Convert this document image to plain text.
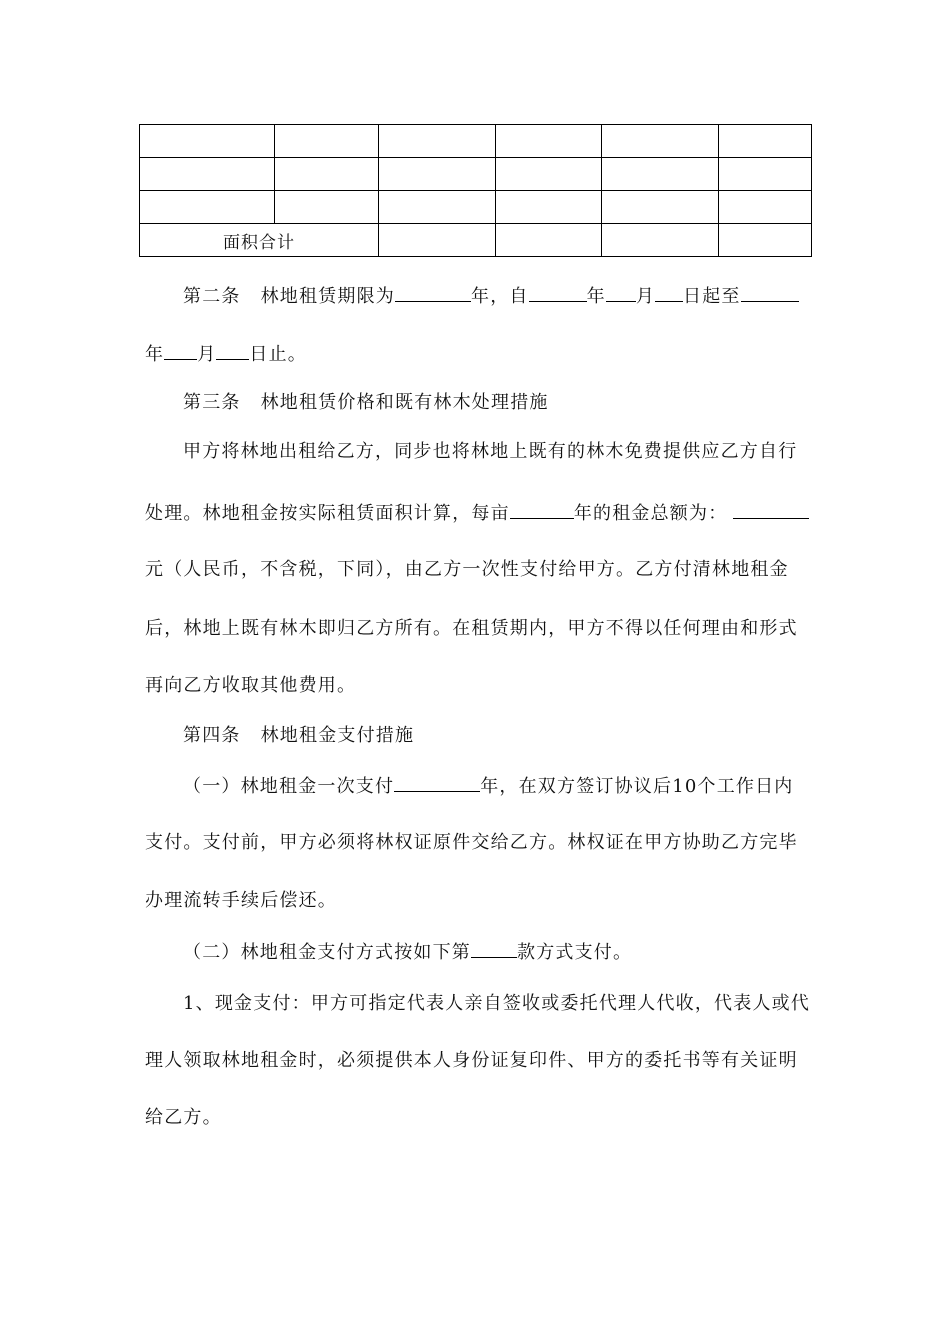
面积合计					
第二条 林地租赁期限为	年，自	年 月 日起至
年 月 日止。
第三条 林地租赁价格和既有林木处理措施
甲方将林地出租给乙方，同步也将林地上既有的林木免费提供应乙方自行
处理。林地租金按实际租赁面积计算，每亩	年的租金总额为：
元（人民币，不含税，下同），由乙方一次性支付给甲方。乙方付清林地租金
后，林地上既有林木即归乙方所有。在租赁期内，甲方不得以任何理由和形式
再向乙方收取其他费用。
第四条 林地租金支付措施
（一）林地租金一次支付	年，在双方签订协议后10个工作日内
支付。支付前，甲方必须将林权证原件交给乙方。林权证在甲方协助乙方完毕
办理流转手续后偿还。
（二）林地租金支付方式按如下第	款方式支付。
1、现金支付：甲方可指定代表人亲自签收或委托代理人代收，代表人或代
理人领取林地租金时，必须提供本人身份证复印件、甲方的委托书等有关证明
给乙方。
